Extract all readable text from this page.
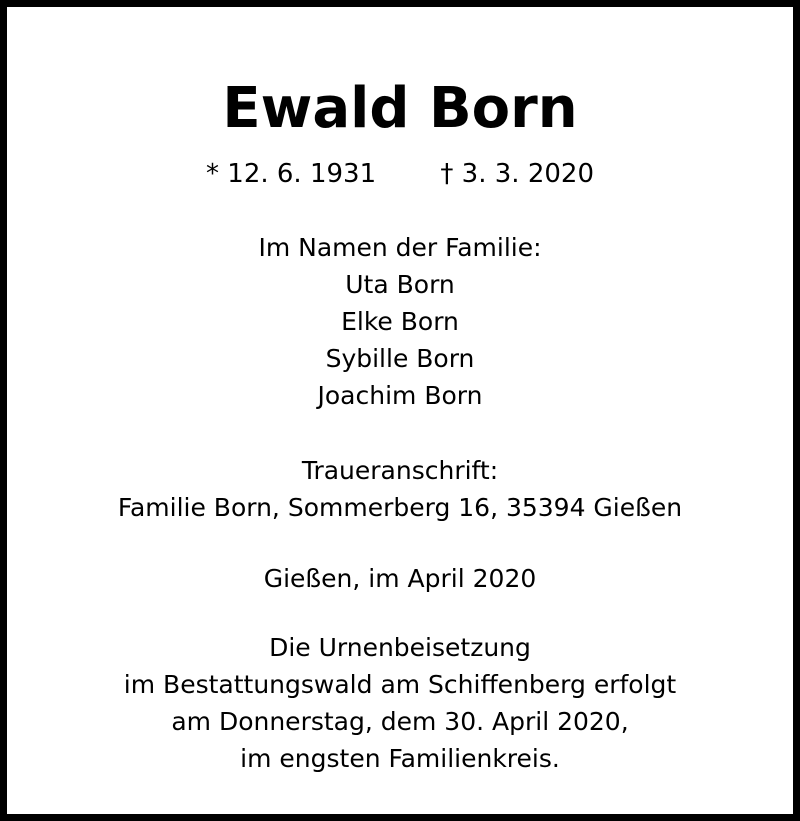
Ewald Born
* 12. 6. 1931 † 3. 3. 2020
Im Namen der Familie:
Uta Born
Elke Born
Sybille Born
Joachim Born
Traueranschrift:
Familie Born, Sommerberg 16, 35394 Gießen
Gießen, im April 2020
Die Urnenbeisetzung
im Bestattungswald am Schiffenberg erfolgt
am Donnerstag, dem 30. April 2020,
im engsten Familienkreis.
